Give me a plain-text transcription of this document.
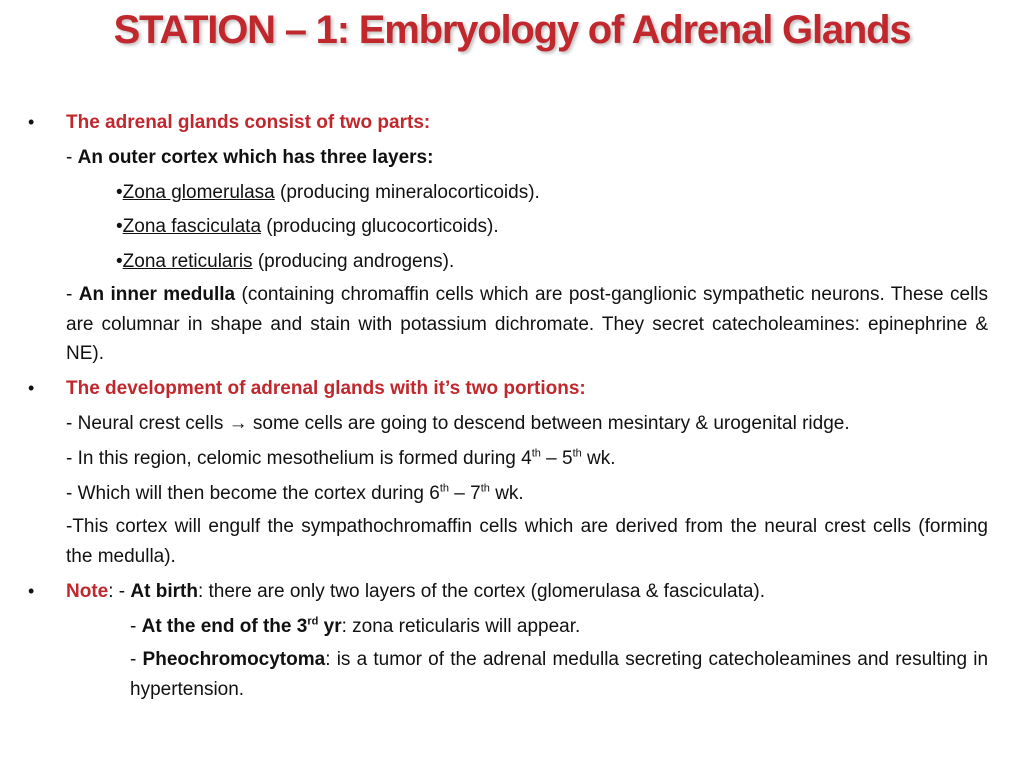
STATION – 1: Embryology of Adrenal Glands
• The adrenal glands consist of two parts:
- An outer cortex which has three layers:
•Zona glomerulasa (producing mineralocorticoids).
•Zona fasciculata (producing glucocorticoids).
•Zona reticularis (producing androgens).
- An inner medulla (containing chromaffin cells which are post-ganglionic sympathetic neurons. These cells are columnar in shape and stain with potassium dichromate. They secret catecholeamines: epinephrine & NE).
• The development of adrenal glands with it’s two portions:
- Neural crest cells → some cells are going to descend between mesintary & urogenital ridge.
- In this region, celomic mesothelium is formed during 4th – 5th wk.
- Which will then become the cortex during 6th – 7th wk.
-This cortex will engulf the sympathochromaffin cells which are derived from the neural crest cells (forming the medulla).
• Note: - At birth: there are only two layers of the cortex (glomerulasa & fasciculata).
- At the end of the 3rd yr: zona reticularis will appear.
- Pheochromocytoma: is a tumor of the adrenal medulla secreting catecholeamines and resulting in hypertension.
